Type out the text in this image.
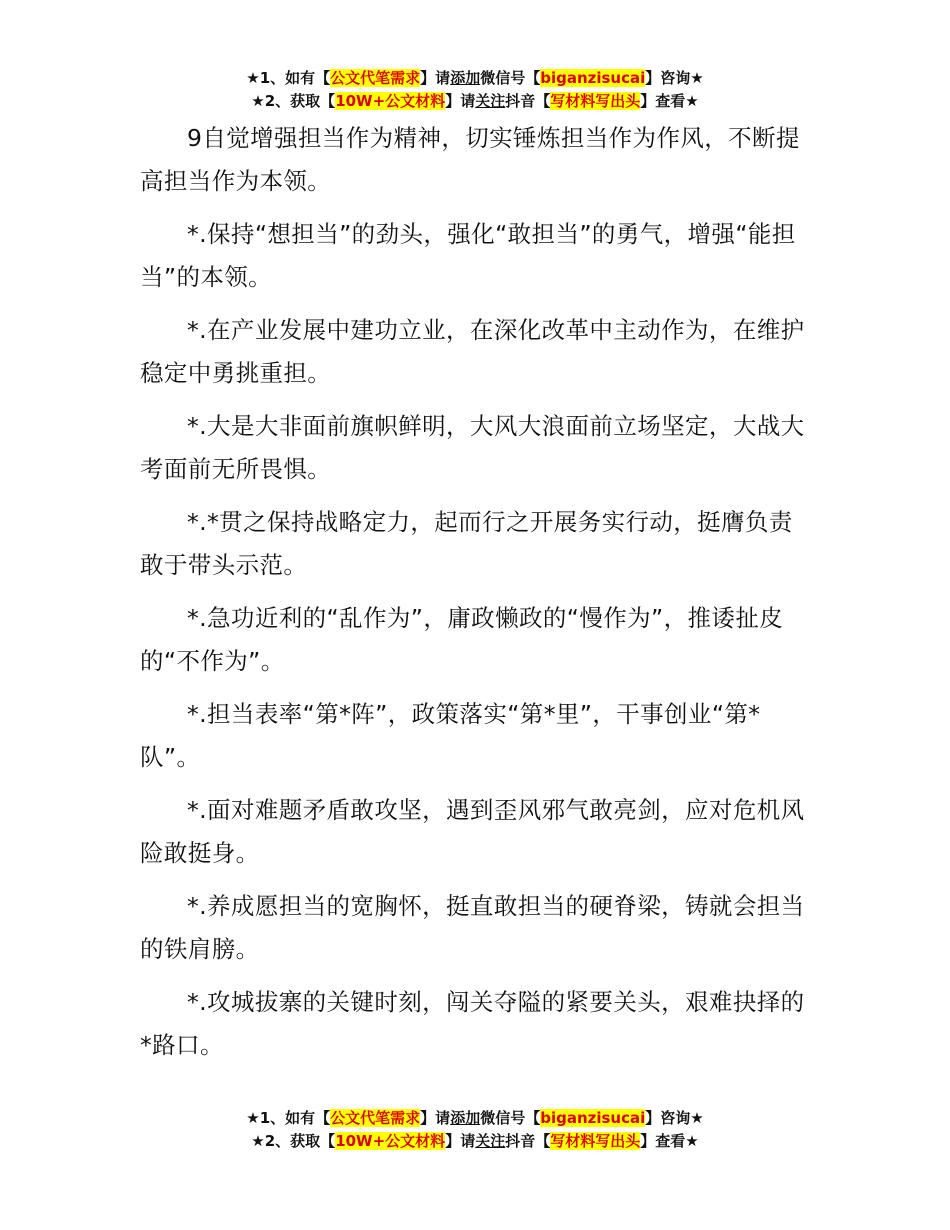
★1、如有【公文代笔需求】请添加微信号【biganzisucai】咨询★
★2、获取【10W+公文材料】请关注抖音【写材料写出头】查看★

9自觉增强担当作为精神，切实锤炼担当作为作风，不断提高担当作为本领。

*.保持“想担当”的劲头，强化“敢担当”的勇气，增强“能担当”的本领。

*.在产业发展中建功立业，在深化改革中主动作为，在维护稳定中勇挑重担。

*.大是大非面前旗帜鲜明，大风大浪面前立场坚定，大战大考面前无所畏惧。

*.*贯之保持战略定力，起而行之开展务实行动，挺膺负责敢于带头示范。

*.急功近利的“乱作为”，庸政懒政的“慢作为”，推诿扯皮的“不作为”。

*.担当表率“第*阵”，政策落实“第*里”，干事创业“第*队”。

*.面对难题矛盾敢攻坚，遇到歪风邪气敢亮剑，应对危机风险敢挺身。

*.养成愿担当的宽胸怀，挺直敢担当的硬脊梁，铸就会担当的铁肩膀。

*.攻城拔寨的关键时刻，闯关夺隘的紧要关头，艰难抉择的*路口。

★1、如有【公文代笔需求】请添加微信号【biganzisucai】咨询★
★2、获取【10W+公文材料】请关注抖音【写材料写出头】查看★
